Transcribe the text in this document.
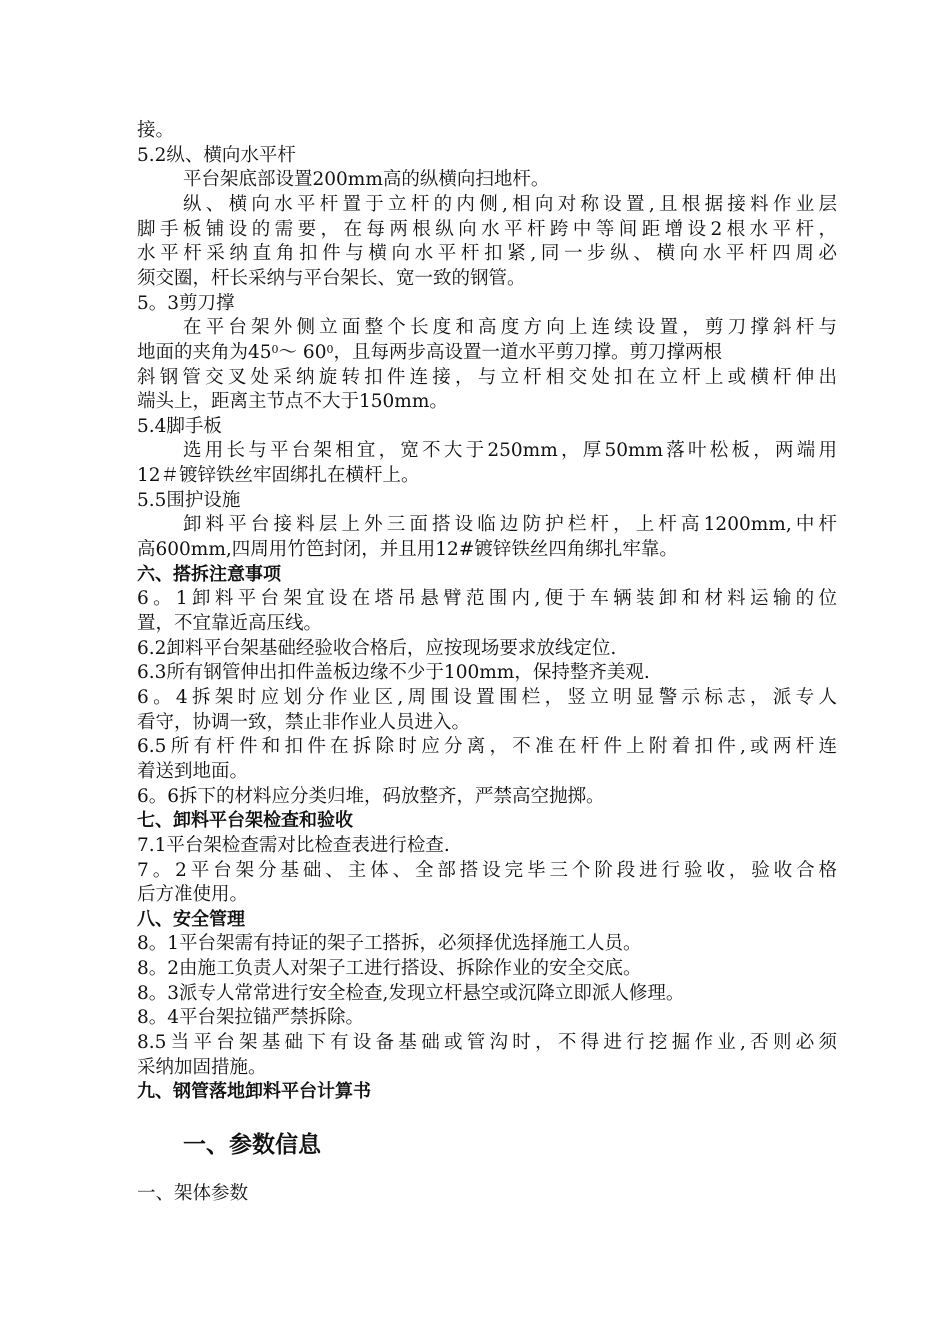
接。
5.2纵、横向水平杆
平台架底部设置200mm高的纵横向扫地杆。
纵、横向水平杆置于立杆的内侧,相向对称设置,且根据接料作业层
脚手板铺设的需要，在每两根纵向水平杆跨中等间距增设2根水平杆，
水平杆采纳直角扣件与横向水平杆扣紧,同一步纵、横向水平杆四周必
须交圈，杆长采纳与平台架长、宽一致的钢管。
5。3剪刀撑
在平台架外侧立面整个长度和高度方向上连续设置，剪刀撑斜杆与
斜钢管交叉处采纳旋转扣件连接，与立杆相交处扣在立杆上或横杆伸出
端头上，距离主节点不大于150mm。
5.4脚手板
选用长与平台架相宜，宽不大于250mm，厚50mm落叶松板，两端用
12＃镀锌铁丝牢固绑扎在横杆上。
5.5围护设施
卸料平台接料层上外三面搭设临边防护栏杆，上杆高1200mm,中杆
高600mm,四周用竹笆封闭，并且用12#镀锌铁丝四角绑扎牢靠。
六、搭拆注意事项
6。1卸料平台架宜设在塔吊悬臂范围内,便于车辆装卸和材料运输的位
置，不宜靠近高压线。
6.2卸料平台架基础经验收合格后，应按现场要求放线定位.
6.3所有钢管伸出扣件盖板边缘不少于100mm，保持整齐美观.
6。4拆架时应划分作业区,周围设置围栏，竖立明显警示标志，派专人
看守，协调一致，禁止非作业人员进入。
6.5所有杆件和扣件在拆除时应分离，不准在杆件上附着扣件,或两杆连
着送到地面。
6。6拆下的材料应分类归堆，码放整齐，严禁高空抛掷。
七、卸料平台架检查和验收
7.1平台架检查需对比检查表进行检查.
7。2平台架分基础、主体、全部搭设完毕三个阶段进行验收，验收合格
后方准使用。
八、安全管理
8。1平台架需有持证的架子工搭拆，必须择优选择施工人员。
8。2由施工负责人对架子工进行搭设、拆除作业的安全交底。
8。3派专人常常进行安全检查,发现立杆悬空或沉降立即派人修理。
8。4平台架拉锚严禁拆除。
8.5当平台架基础下有设备基础或管沟时，不得进行挖掘作业,否则必须
采纳加固措施。
九、钢管落地卸料平台计算书
地面的夹角为$45^0\sim$ $60^0$，且每两步高设置一道水平剪刀撑。剪刀撑两根
一、参数信息
一、架体参数
